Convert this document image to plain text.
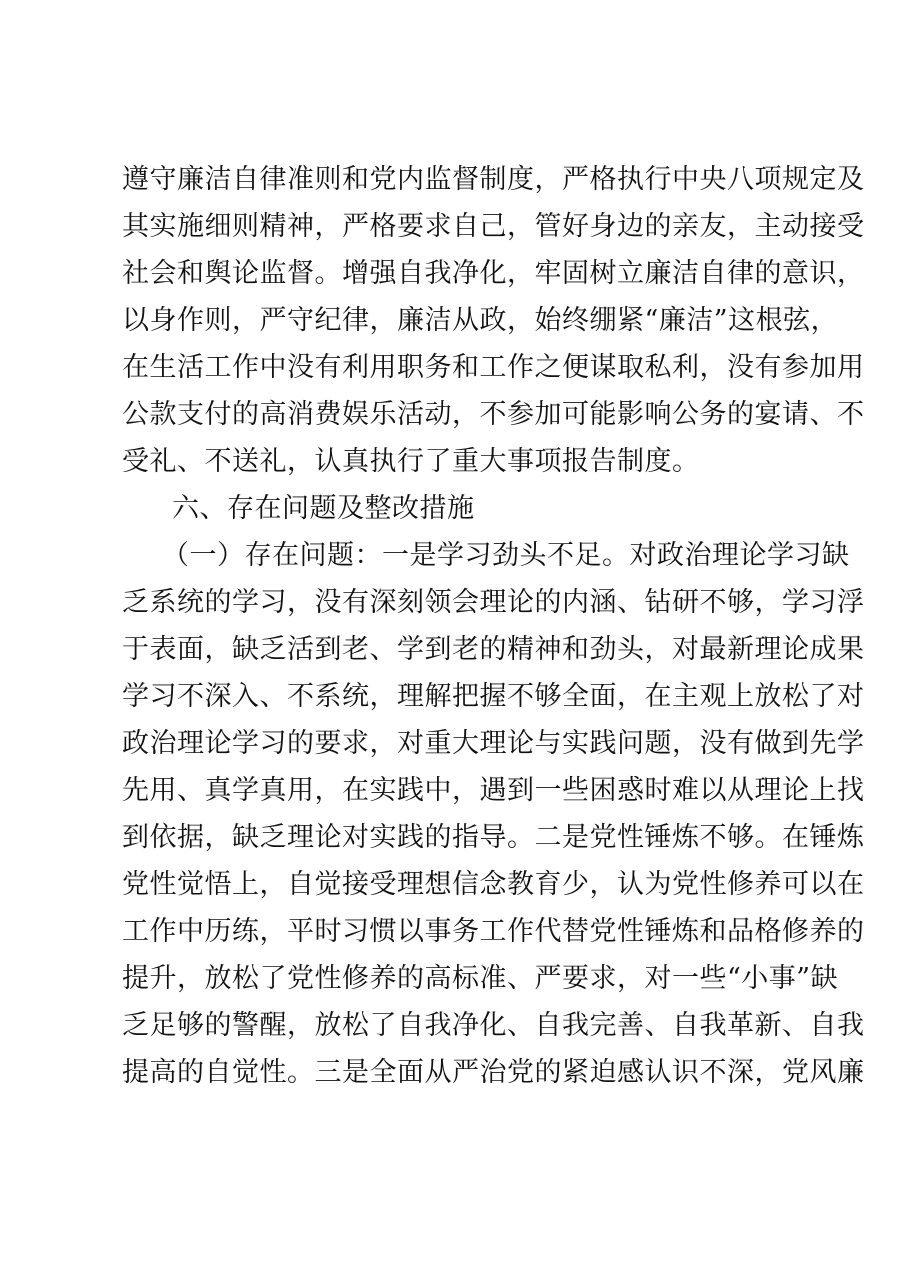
遵守廉洁自律准则和党内监督制度，严格执行中央八项规定及
其实施细则精神，严格要求自己，管好身边的亲友，主动接受
社会和舆论监督。增强自我净化，牢固树立廉洁自律的意识，
以身作则，严守纪律，廉洁从政，始终绷紧“廉洁”这根弦，
在生活工作中没有利用职务和工作之便谋取私利，没有参加用
公款支付的高消费娱乐活动，不参加可能影响公务的宴请、不
受礼、不送礼，认真执行了重大事项报告制度。
六、存在问题及整改措施
（一）存在问题：一是学习劲头不足。对政治理论学习缺
乏系统的学习，没有深刻领会理论的内涵、钻研不够，学习浮
于表面，缺乏活到老、学到老的精神和劲头，对最新理论成果
学习不深入、不系统，理解把握不够全面，在主观上放松了对
政治理论学习的要求，对重大理论与实践问题，没有做到先学
先用、真学真用，在实践中，遇到一些困惑时难以从理论上找
到依据，缺乏理论对实践的指导。二是党性锤炼不够。在锤炼
党性觉悟上，自觉接受理想信念教育少，认为党性修养可以在
工作中历练，平时习惯以事务工作代替党性锤炼和品格修养的
提升，放松了党性修养的高标准、严要求，对一些“小事”缺
乏足够的警醒，放松了自我净化、自我完善、自我革新、自我
提高的自觉性。三是全面从严治党的紧迫感认识不深，党风廉
